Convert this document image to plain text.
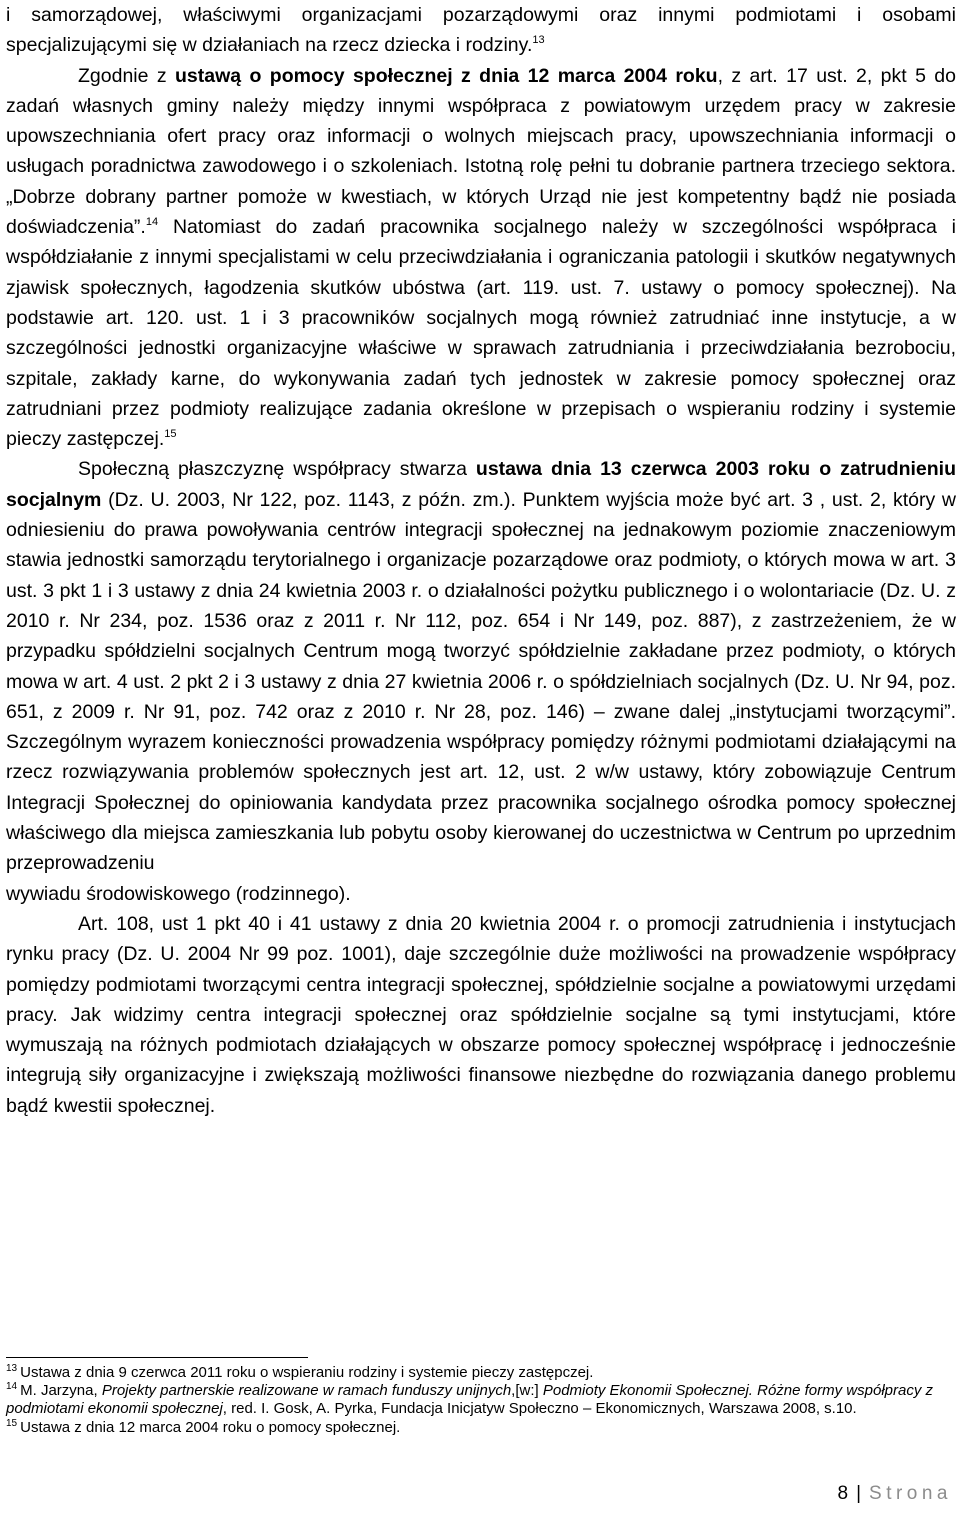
i samorządowej, właściwymi organizacjami pozarządowymi oraz innymi podmiotami i osobami specjalizującymi się w działaniach na rzecz dziecka i rodziny.$^{13}$

Zgodnie z ustawą o pomocy społecznej z dnia 12 marca 2004 roku, z art. 17 ust. 2, pkt 5 do zadań własnych gminy należy między innymi współpraca z powiatowym urzędem pracy w zakresie upowszechniania ofert pracy oraz informacji o wolnych miejscach pracy, upowszechniania informacji o usługach poradnictwa zawodowego i o szkoleniach. Istotną rolę pełni tu dobranie partnera trzeciego sektora. „Dobrze dobrany partner pomoże w kwestiach, w których Urząd nie jest kompetentny bądź nie posiada doświadczenia”.$^{14}$ Natomiast do zadań pracownika socjalnego należy w szczególności współpraca i współdziałanie z innymi specjalistami w celu przeciwdziałania i ograniczania patologii i skutków negatywnych zjawisk społecznych, łagodzenia skutków ubóstwa (art. 119. ust. 7. ustawy o pomocy społecznej). Na podstawie art. 120. ust. 1 i 3 pracowników socjalnych mogą również zatrudniać inne instytucje, a w szczególności jednostki organizacyjne właściwe w sprawach zatrudniania i przeciwdziałania bezrobociu, szpitale, zakłady karne, do wykonywania zadań tych jednostek w zakresie pomocy społecznej oraz zatrudniani przez podmioty realizujące zadania określone w przepisach o wspieraniu rodziny i systemie pieczy zastępczej.$^{15}$

Społeczną płaszczyznę współpracy stwarza ustawa dnia 13 czerwca 2003 roku o zatrudnieniu socjalnym (Dz. U. 2003, Nr 122, poz. 1143, z późn. zm.). Punktem wyjścia może być art. 3 , ust. 2, który w odniesieniu do prawa powoływania centrów integracji społecznej na jednakowym poziomie znaczeniowym stawia jednostki samorządu terytorialnego i organizacje pozarządowe oraz podmioty, o których mowa w art. 3 ust. 3 pkt 1 i 3 ustawy z dnia 24 kwietnia 2003 r. o działalności pożytku publicznego i o wolontariacie (Dz. U. z 2010 r. Nr 234, poz. 1536 oraz z 2011 r. Nr 112, poz. 654 i Nr 149, poz. 887), z zastrzeżeniem, że w przypadku spółdzielni socjalnych Centrum mogą tworzyć spółdzielnie zakładane przez podmioty, o których mowa w art. 4 ust. 2 pkt 2 i 3 ustawy z dnia 27 kwietnia 2006 r. o spółdzielniach socjalnych (Dz. U. Nr 94, poz. 651, z 2009 r. Nr 91, poz. 742 oraz z 2010 r. Nr 28, poz. 146) – zwane dalej „instytucjami tworzącymi”. Szczególnym wyrazem konieczności prowadzenia współpracy pomiędzy różnymi podmiotami działającymi na rzecz rozwiązywania problemów społecznych jest art. 12, ust. 2 w/w ustawy, który zobowiązuje Centrum Integracji Społecznej do opiniowania kandydata przez pracownika socjalnego ośrodka pomocy społecznej właściwego dla miejsca zamieszkania lub pobytu osoby kierowanej do uczestnictwa w Centrum po uprzednim przeprowadzeniu

wywiadu środowiskowego (rodzinnego).

Art. 108, ust 1 pkt 40 i 41 ustawy z dnia 20 kwietnia 2004 r. o promocji zatrudnienia i instytucjach rynku pracy (Dz. U. 2004 Nr 99 poz. 1001), daje szczególnie duże możliwości na prowadzenie współpracy pomiędzy podmiotami tworzącymi centra integracji społecznej, spółdzielnie socjalne a powiatowymi urzędami pracy. Jak widzimy centra integracji społecznej oraz spółdzielnie socjalne są tymi instytucjami, które wymuszają na różnych podmiotach działających w obszarze pomocy społecznej współpracę i jednocześnie integrują siły organizacyjne i zwiększają możliwości finansowe niezbędne do rozwiązania danego problemu bądź kwestii społecznej.

$^{13}$ Ustawa z dnia 9 czerwca 2011 roku o wspieraniu rodziny i systemie pieczy zastępczej.

$^{14}$ M. Jarzyna, Projekty partnerskie realizowane w ramach funduszy unijnych,[w:] Podmioty Ekonomii Społecznej. Różne formy współpracy z podmiotami ekonomii społecznej, red. I. Gosk, A. Pyrka, Fundacja Inicjatyw Społeczno – Ekonomicznych, Warszawa 2008, s.10.

$^{15}$ Ustawa z dnia 12 marca 2004 roku o pomocy społecznej.

8 | Strona
